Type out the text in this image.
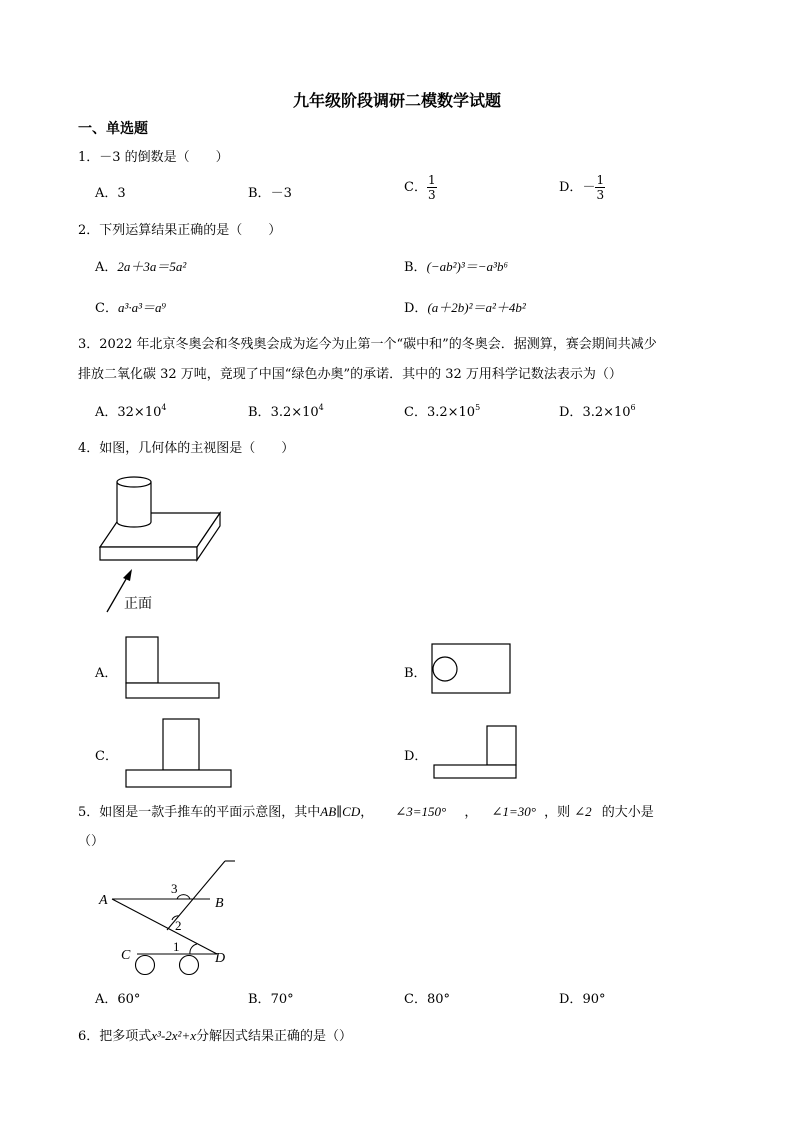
九年级阶段调研二模数学试题
一、单选题
1．－3 的倒数是（　　）
A．3	B．－3	C． $\frac{1}{3}$	D．－ $\frac{1}{3}$
2．下列运算结果正确的是（　　）
A．2a＋3a＝5a²	B．(−ab²)³＝−a³b⁶
C．a³·a³＝a⁹	D．(a＋2b)²＝a²＋4b²
3．2022 年北京冬奥会和冬残奥会成为迄今为止第一个“碳中和”的冬奥会．据测算，赛会期间共减少
排放二氧化碳 32 万吨，竟现了中国“绿色办奥”的承诺．其中的 32 万用科学记数法表示为（）
A．$32\times 10^4$	B．$3.2\times 10^4$	C．$3.2\times 10^5$	D．$3.2\times 10^6$
4．如图，几何体的主视图是（　　）
正面
A．	B．
C．	D．
5．如图是一款手推车的平面示意图，其中AB∥CD， ∠3=150° ， ∠1=30° ，则 ∠2 的大小是
（）
A	B
C	D
3
2
1
A．60°	B．70°	C．80°	D．90°
6．把多项式x³-2x²+x分解因式结果正确的是（）
